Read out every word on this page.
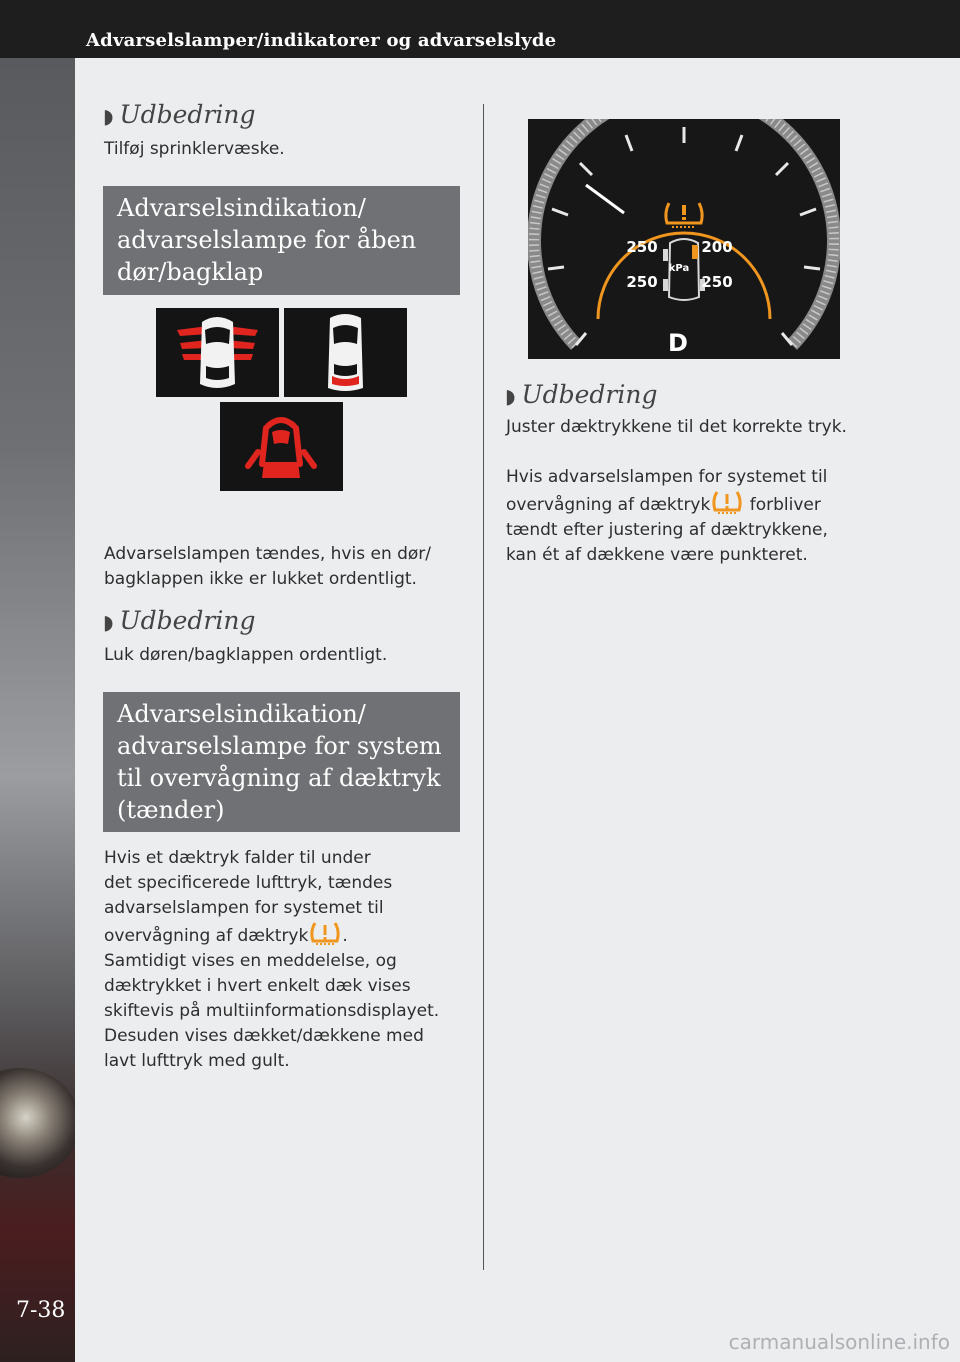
Advarselslamper/indikatorer og advarselslyde
7-38
◗ Udbedring
Tilføj sprinklervæske.
Advarselsindikation/
advarselslampe for åben
dør/bagklap
Advarselslampen tændes, hvis en dør/
bagklappen ikke er lukket ordentligt.
◗ Udbedring
Luk døren/bagklappen ordentligt.
Advarselsindikation/
advarselslampe for system
til overvågning af dæktryk
(tænder)
Hvis et dæktryk falder til under
det specificerede lufttryk, tændes
advarselslampen for systemet til
overvågning af dæktryk .
Samtidigt vises en meddelelse, og
dæktrykket i hvert enkelt dæk vises
skiftevis på multiinformationsdisplayet.
Desuden vises dækket/dækkene med
lavt lufttryk med gult.
250	200
250	250
kPa
D
◗ Udbedring
Juster dæktrykkene til det korrekte tryk.
Hvis advarselslampen for systemet til
overvågning af dæktryk forbliver
tændt efter justering af dæktrykkene,
kan ét af dækkene være punkteret.
carmanualsonline.info
